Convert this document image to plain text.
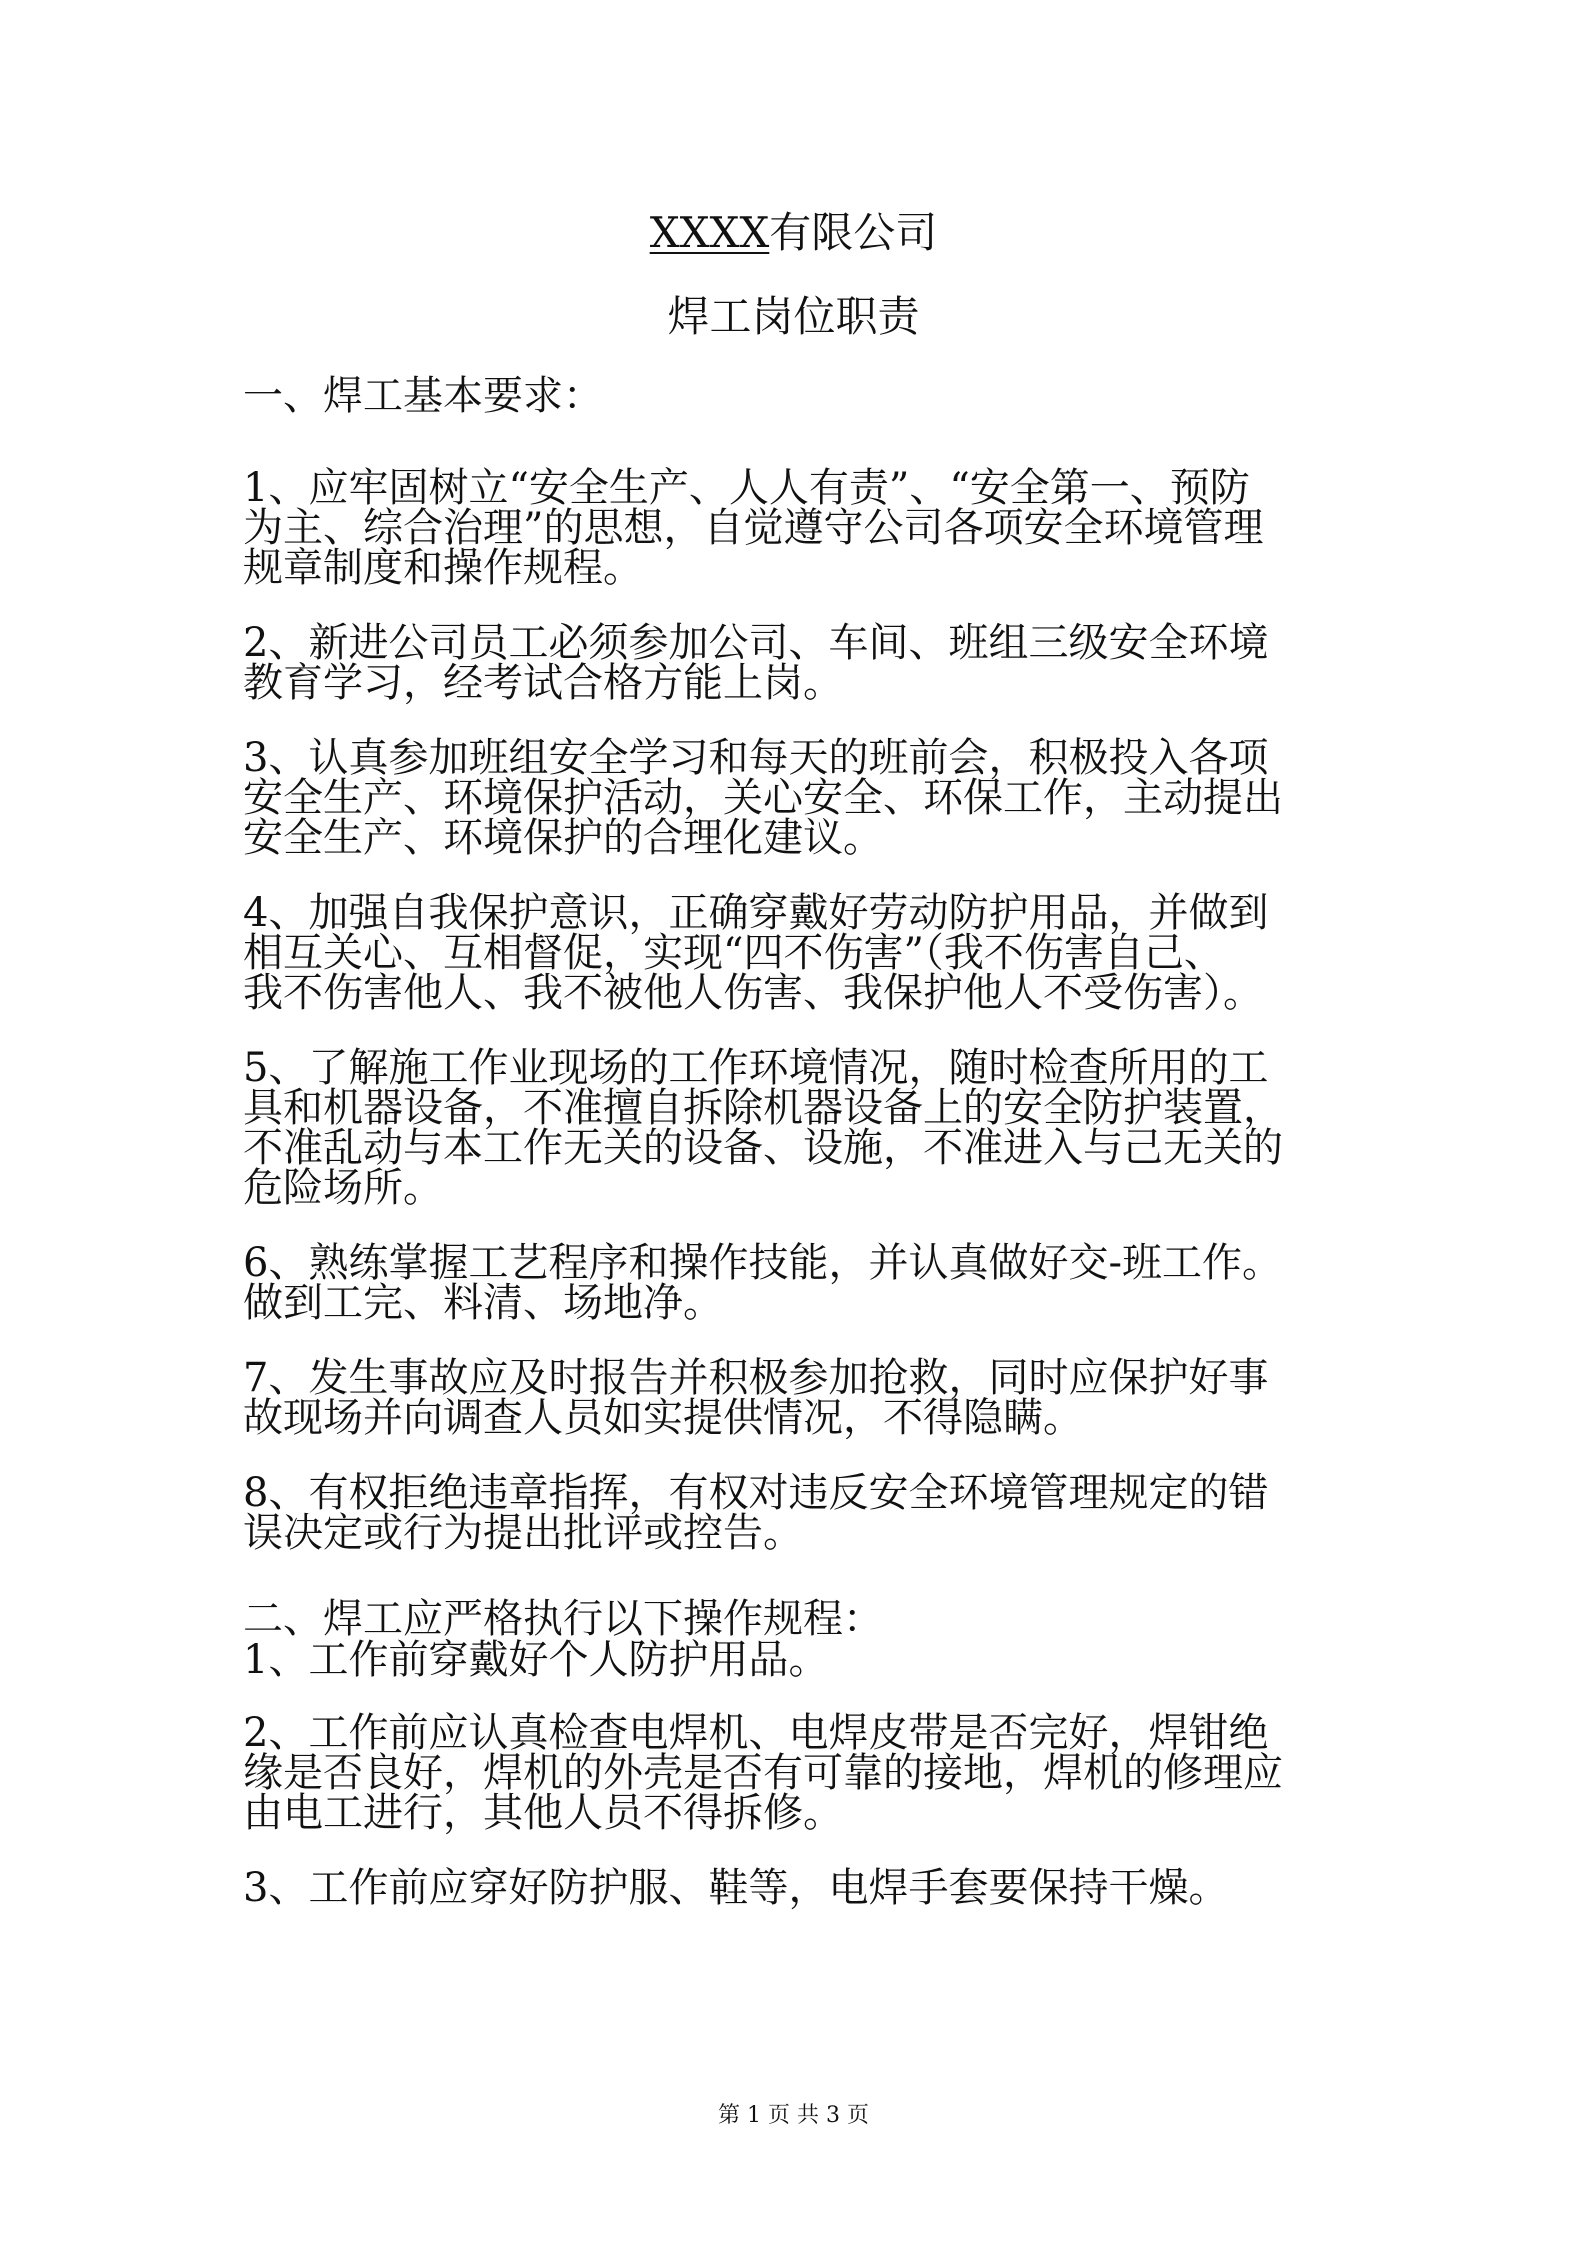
XXXX有限公司
焊工岗位职责
一、焊工基本要求：

1、应牢固树立“安全生产、人人有责”、“安全第一、预防
为主、综合治理”的思想，自觉遵守公司各项安全环境管理
规章制度和操作规程。

2、新进公司员工必须参加公司、车间、班组三级安全环境
教育学习，经考试合格方能上岗。

3、认真参加班组安全学习和每天的班前会，积极投入各项
安全生产、环境保护活动，关心安全、环保工作，主动提出
安全生产、环境保护的合理化建议。

4、加强自我保护意识，正确穿戴好劳动防护用品，并做到
相互关心、互相督促，实现“四不伤害”（我不伤害自己、
我不伤害他人、我不被他人伤害、我保护他人不受伤害）。

5、了解施工作业现场的工作环境情况，随时检查所用的工
具和机器设备，不准擅自拆除机器设备上的安全防护装置，
不准乱动与本工作无关的设备、设施，不准进入与己无关的
危险场所。

6、熟练掌握工艺程序和操作技能，并认真做好交-班工作。
做到工完、料清、场地净。

7、发生事故应及时报告并积极参加抢救，同时应保护好事
故现场并向调查人员如实提供情况，不得隐瞒。

8、有权拒绝违章指挥，有权对违反安全环境管理规定的错
误决定或行为提出批评或控告。

二、焊工应严格执行以下操作规程：

1、工作前穿戴好个人防护用品。

2、工作前应认真检查电焊机、电焊皮带是否完好，焊钳绝
缘是否良好，焊机的外壳是否有可靠的接地，焊机的修理应
由电工进行，其他人员不得拆修。

3、工作前应穿好防护服、鞋等，电焊手套要保持干燥。

第 1 页 共 3 页
